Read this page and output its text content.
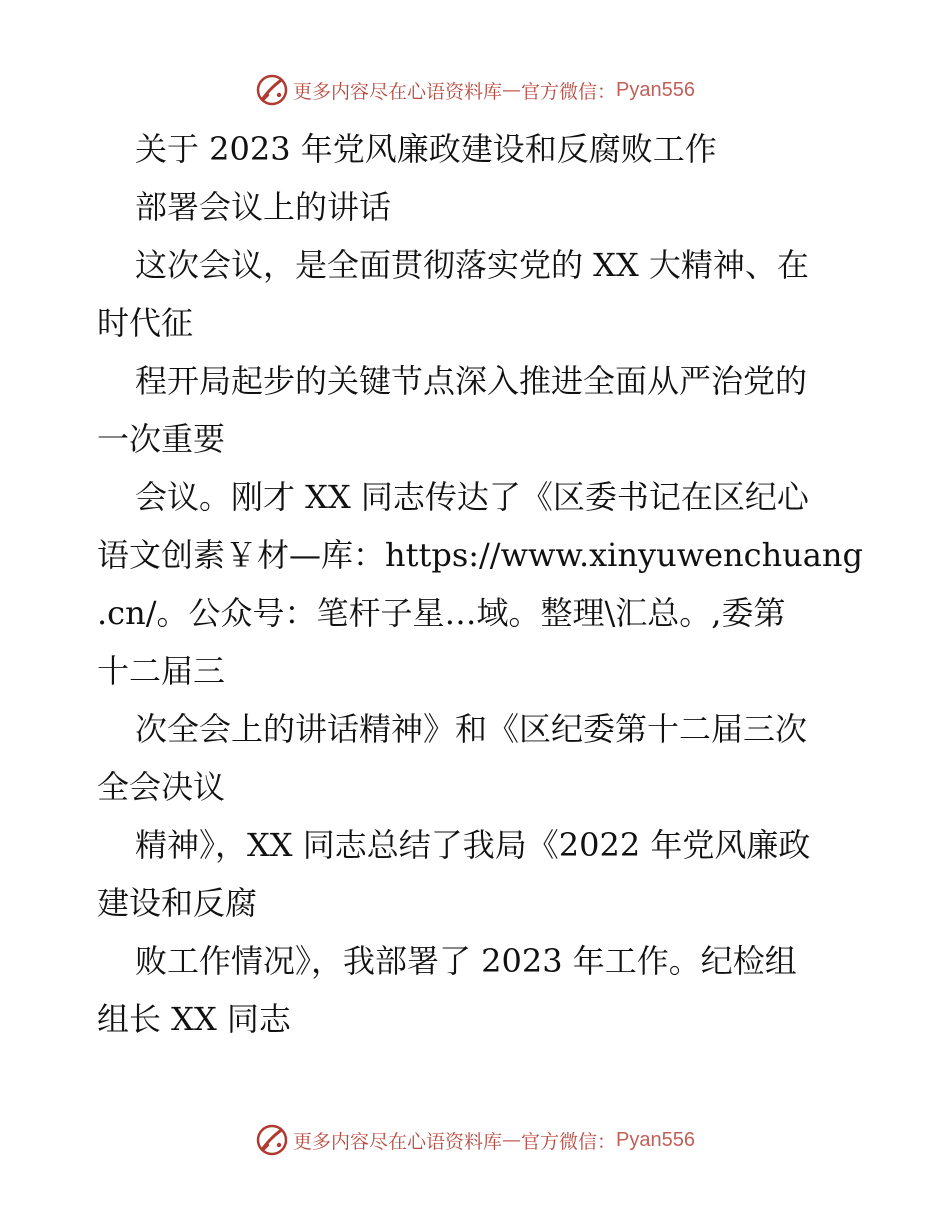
更多内容尽在心语资料库 — 官方微信： Pyan556
关于 2023 年党风廉政建设和反腐败工作
部署会议上的讲话
这次会议，是全面贯彻落实党的 XX 大精神、在
时代征
程开局起步的关键节点深入推进全面从严治党的
一次重要
会议。刚才 XX 同志传达了《区委书记在区纪心
语文创素￥材—库：https://www.xinyuwenchuang
.cn/。公众号：笔杆子星…域。整理\汇总。,委第
十二届三
次全会上的讲话精神》和《区纪委第十二届三次
全会决议
精神》，XX 同志总结了我局《2022 年党风廉政
建设和反腐
败工作情况》，我部署了 2023 年工作。纪检组
组长 XX 同志
更多内容尽在心语资料库 — 官方微信： Pyan556
